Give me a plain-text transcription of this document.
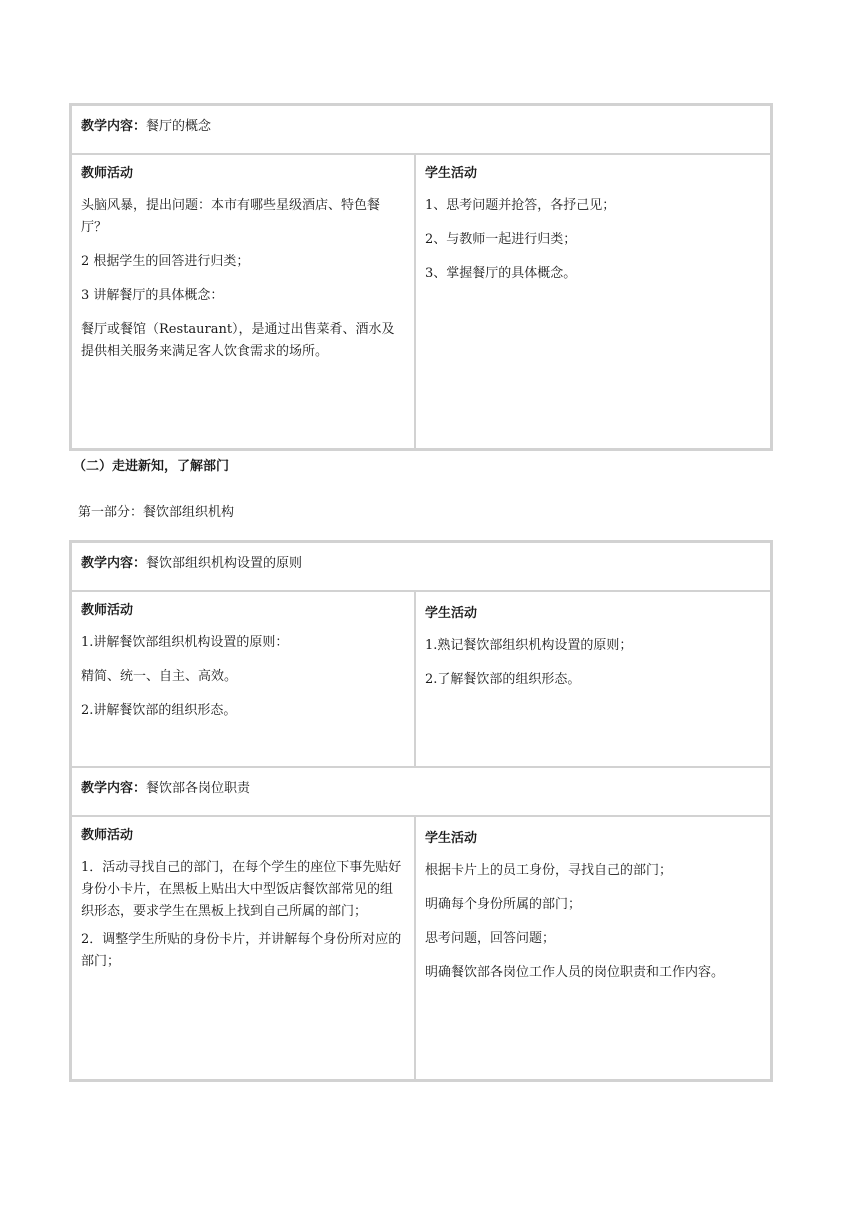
教学内容：餐厅的概念
教师活动
头脑风暴，提出问题：本市有哪些星级酒店、特色餐厅？
2 根据学生的回答进行归类；
3 讲解餐厅的具体概念：
餐厅或餐馆（Restaurant），是通过出售菜肴、酒水及提供相关服务来满足客人饮食需求的场所。
学生活动
1、思考问题并抢答，各抒己见；
2、与教师一起进行归类；
3、掌握餐厅的具体概念。
（二）走进新知，了解部门
第一部分：餐饮部组织机构
教学内容：餐饮部组织机构设置的原则
教师活动
1.讲解餐饮部组织机构设置的原则：
精简、统一、自主、高效。
2.讲解餐饮部的组织形态。
学生活动
1.熟记餐饮部组织机构设置的原则；
2.了解餐饮部的组织形态。
教学内容：餐饮部各岗位职责
教师活动
1．活动寻找自己的部门，在每个学生的座位下事先贴好身份小卡片，在黑板上贴出大中型饭店餐饮部常见的组织形态，要求学生在黑板上找到自己所属的部门；
2．调整学生所贴的身份卡片，并讲解每个身份所对应的部门；
学生活动
根据卡片上的员工身份，寻找自己的部门；
明确每个身份所属的部门；
思考问题，回答问题；
明确餐饮部各岗位工作人员的岗位职责和工作内容。
